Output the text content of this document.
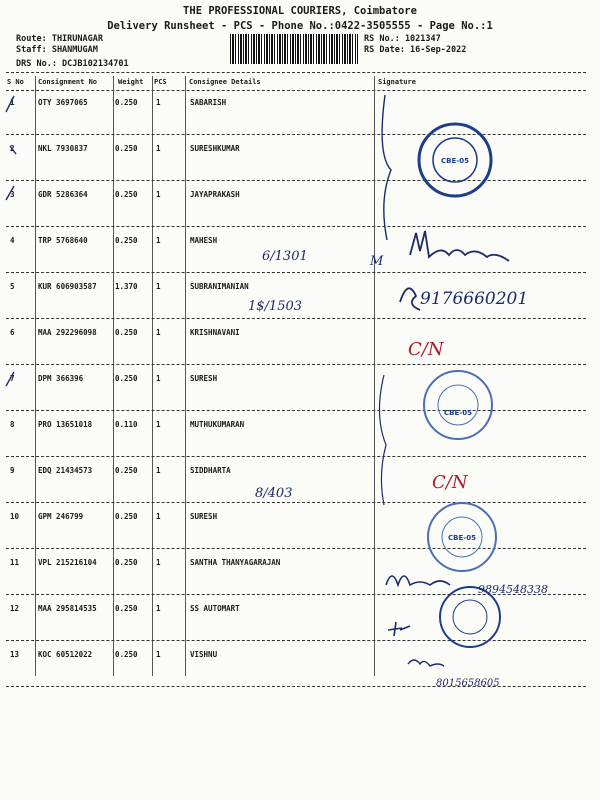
THE PROFESSIONAL COURIERS, Coimbatore
Delivery Runsheet - PCS - Phone No.:0422-3505555 - Page No.:1
Route: THIRUNAGAR
Staff: SHANMUGAM
DRS No.: DCJB102134701
RS No.: 1021347
RS Date: 16-Sep-2022
S No Consignment No	Weight PCS	Consignee Details	Signature
1	OTY 3697065	0.250 1	SABARISH
2	NKL 7930837	0.250 1	SURESHKUMAR
3	GDR 5286364	0.250 1	JAYAPRAKASH
4	TRP 5768640	0.250 1	MAHESH
5	KUR 606903587 1.370 1	SUBRANIMANIAN
6	MAA 292296098 0.250 1	KRISHNAVANI
7	DPM 366396	0.250 1	SURESH
8	PRO 13651018	0.110 1	MUTHUKUMARAN
9	EDQ 21434573	0.250 1	SIDDHARTA
10	GPM 246799	0.250 1	SURESH
11	VPL 215216104 0.250 1	SANTHA THANYAGARAJAN
12	MAA 295814535 0.250 1	SS AUTOMART
13	KOC 60512022	0.250 1	VISHNU
CBE-05
CBE-05
CBE-05
6/1301	M
1$/1503	9176660201
C/N
8/403
C/N
9894548338
8015658605
